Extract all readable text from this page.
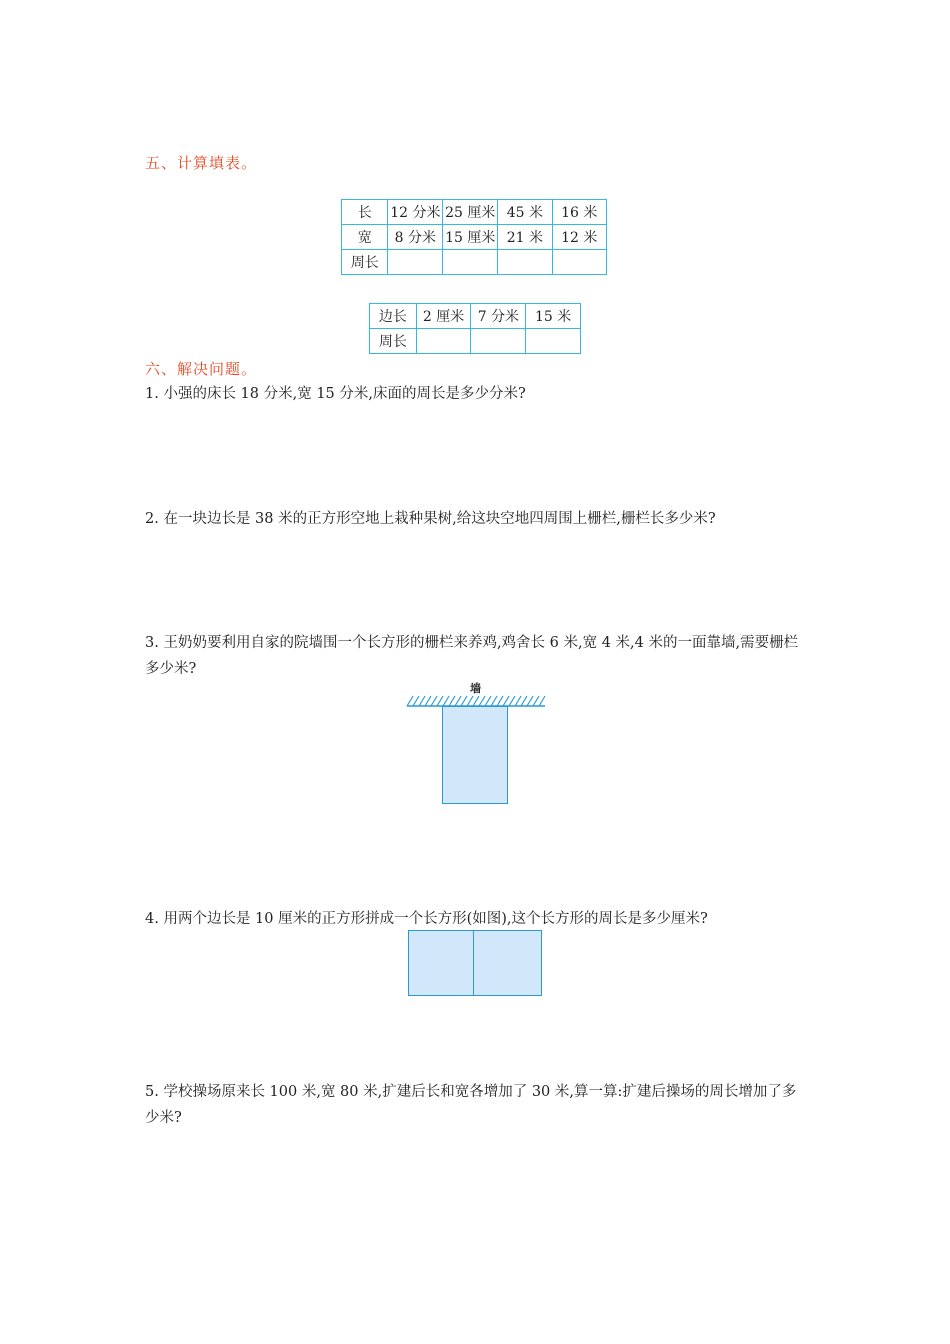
五、计算填表。
长	12 分米	25 厘米	45 米	16 米
宽	8 分米	15 厘米	21 米	12 米
周长				
边长	2 厘米	7 分米	15 米
周长			
六、解决问题。
1. 小强的床长 18 分米,宽 15 分米,床面的周长是多少分米?
2. 在一块边长是 38 米的正方形空地上栽种果树,给这块空地四周围上栅栏,栅栏长多少米?
3. 王奶奶要利用自家的院墙围一个长方形的栅栏来养鸡,鸡舍长 6 米,宽 4 米,4 米的一面靠墙,需要栅栏多少米?
墙
4. 用两个边长是 10 厘米的正方形拼成一个长方形(如图),这个长方形的周长是多少厘米?
5. 学校操场原来长 100 米,宽 80 米,扩建后长和宽各增加了 30 米,算一算:扩建后操场的周长增加了多少米?
